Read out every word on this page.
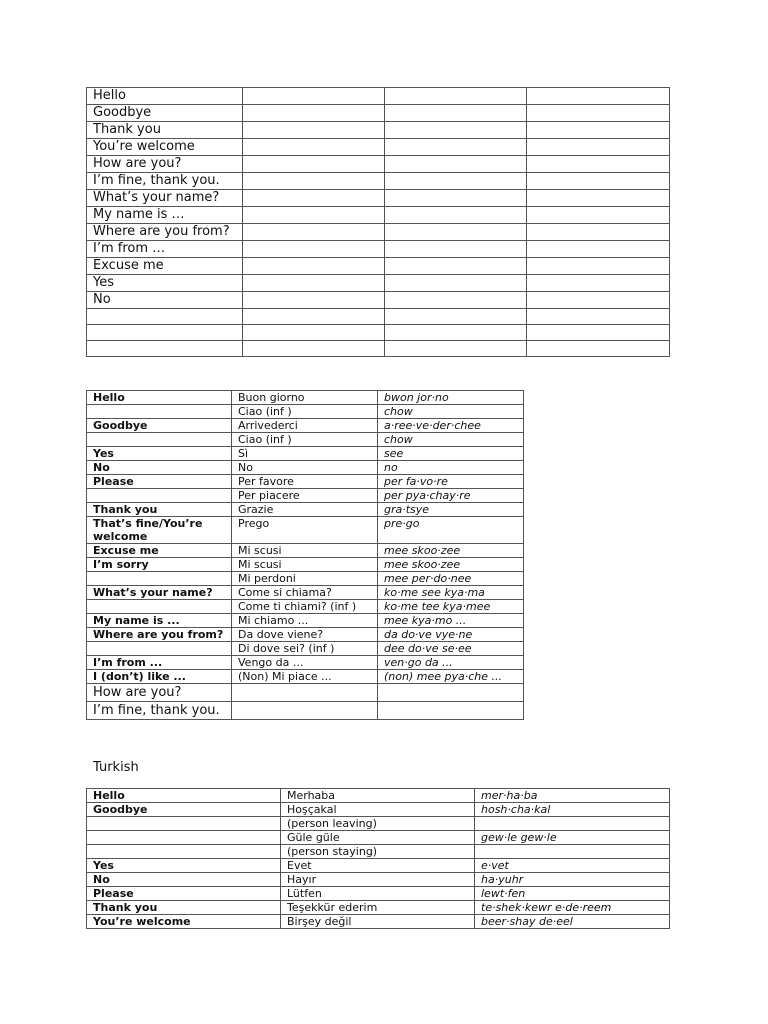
Hello			
Goodbye			
Thank you			
You’re welcome			
How are you?			
I’m fine, thank you.			
What’s your name?			
My name is …			
Where are you from?			
I’m from …			
Excuse me			
Yes			
No			

Hello	Buon giorno	bwon jor·no
	Ciao (inf )	chow
Goodbye	Arrivederci	a·ree·ve·der·chee
	Ciao (inf )	chow
Yes	Sì	see
No	No	no
Please	Per favore	per fa·vo·re
	Per piacere	per pya·chay·re
Thank you	Grazie	gra·tsye
That’s fine/You’re welcome	Prego	pre·go
Excuse me	Mi scusi	mee skoo·zee
I’m sorry	Mi scusi	mee skoo·zee
	Mi perdoni	mee per·do·nee
What’s your name?	Come si chiama?	ko·me see kya·ma
	Come ti chiami? (inf )	ko·me tee kya·mee
My name is ...	Mi chiamo ...	mee kya·mo ...
Where are you from?	Da dove viene?	da do·ve vye·ne
	Di dove sei? (inf )	dee do·ve se·ee
I’m from ...	Vengo da ...	ven·go da ...
I (don’t) like ...	(Non) Mi piace ...	(non) mee pya·che ...
How are you?		
I’m fine, thank you.		
Turkish
Hello	Merhaba	mer·ha·ba
Goodbye	Hoşçakal	hosh·cha·kal
	(person leaving)	
	Güle güle	gew·le gew·le
	(person staying)	
Yes	Evet	e·vet
No	Hayır	ha·yuhr
Please	Lütfen	lewt·fen
Thank you	Teşekkür ederim	te·shek·kewr e·de·reem
You’re welcome	Birşey değil	beer·shay de·eel
